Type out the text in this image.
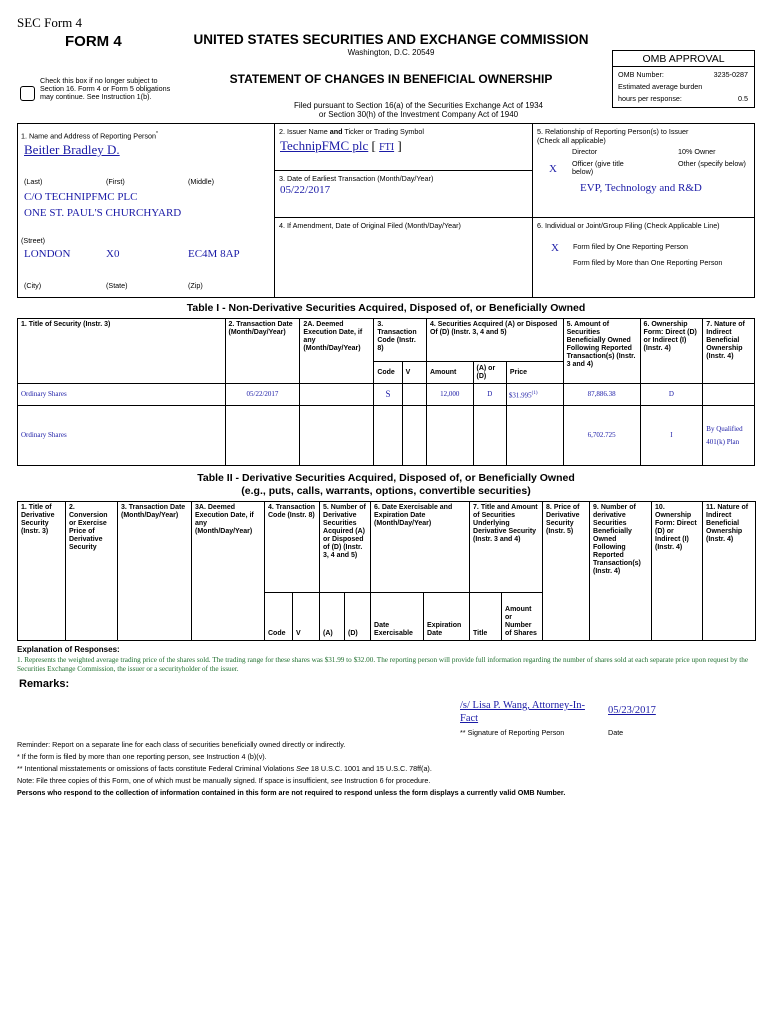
SEC Form 4
FORM 4	UNITED STATES SECURITIES AND EXCHANGE COMMISSION
Washington, D.C. 20549
Check this box if no longer subject to Section 16. Form 4 or Form 5 obligations may continue. See Instruction 1(b).
STATEMENT OF CHANGES IN BENEFICIAL OWNERSHIP
Filed pursuant to Section 16(a) of the Securities Exchange Act of 1934
or Section 30(h) of the Investment Company Act of 1940
OMB APPROVAL
OMB Number:	3235-0287
Estimated average burden
hours per response:	0.5
1. Name and Address of Reporting Person*
Beitler Bradley D.
(Last)	(First)	(Middle)
C/O TECHNIPFMC PLC
ONE ST. PAUL'S CHURCHYARD
(Street)
LONDON	X0	EC4M 8AP
(City)	(State)	(Zip)
2. Issuer Name and Ticker or Trading Symbol
TechnipFMC plc [ FTI ]
3. Date of Earliest Transaction (Month/Day/Year)
05/22/2017
4. If Amendment, Date of Original Filed (Month/Day/Year)
5. Relationship of Reporting Person(s) to Issuer
(Check all applicable)
Director	10% Owner
X Officer (give title below)
Other (specify below)
EVP, Technology and R&D
6. Individual or Joint/Group Filing (Check Applicable Line)
X Form filed by One Reporting Person
Form filed by More than One Reporting Person
Table I - Non-Derivative Securities Acquired, Disposed of, or Beneficially Owned
1. Title of Security (Instr. 3)	2. Transaction Date (Month/Day/Year)	2A. Deemed Execution Date, if any (Month/Day/Year)	3. Transaction Code (Instr. 8)		4. Securities Acquired (A) or Disposed Of (D) (Instr. 3, 4 and 5)			5. Amount of Securities Beneficially Owned Following Reported Transaction(s) (Instr. 3 and 4)	6. Ownership Form: Direct (D) or Indirect (I) (Instr. 4)	7. Nature of Indirect Beneficial Ownership (Instr. 4)
			Code	V	Amount	(A) or (D)	Price			
Ordinary Shares	05/22/2017		S		12,000	D	$31.995$^{(1)}$	87,886.38	D	
Ordinary Shares								6,702.725	I	By Qualified 401(k) Plan
Table II - Derivative Securities Acquired, Disposed of, or Beneficially Owned
(e.g., puts, calls, warrants, options, convertible securities)
1. Title of Derivative Security (Instr. 3)	2. Conversion or Exercise Price of Derivative Security	3. Transaction Date (Month/Day/Year)	3A. Deemed Execution Date, if any (Month/Day/Year)	4. Transaction Code (Instr. 8)		5. Number of Derivative Securities Acquired (A) or Disposed of (D) (Instr. 3, 4 and 5)		6. Date Exercisable and Expiration Date (Month/Day/Year)		7. Title and Amount of Securities Underlying Derivative Security (Instr. 3 and 4)		8. Price of Derivative Security (Instr. 5)	9. Number of derivative Securities Beneficially Owned Following Reported Transaction(s) (Instr. 4)	10. Ownership Form: Direct (D) or Indirect (I) (Instr. 4)	11. Nature of Indirect Beneficial Ownership (Instr. 4)
				Code	V	(A)	(D)	Date Exercisable	Expiration Date	Title	Amount or Number of Shares				
Explanation of Responses:
1. Represents the weighted average trading price of the shares sold. The trading range for these shares was $31.99 to $32.00. The reporting person will provide full information regarding the number of shares sold at each separate price upon request by the Securities Exchange Commission, the issuer or a securityholder of the issuer.
Remarks:
/s/ Lisa P. Wang, Attorney-In-Fact
05/23/2017
** Signature of Reporting Person	Date
Reminder: Report on a separate line for each class of securities beneficially owned directly or indirectly.
* If the form is filed by more than one reporting person, see Instruction 4 (b)(v).
** Intentional misstatements or omissions of facts constitute Federal Criminal Violations See 18 U.S.C. 1001 and 15 U.S.C. 78ff(a).
Note: File three copies of this Form, one of which must be manually signed. If space is insufficient, see Instruction 6 for procedure.
Persons who respond to the collection of information contained in this form are not required to respond unless the form displays a currently valid OMB Number.
